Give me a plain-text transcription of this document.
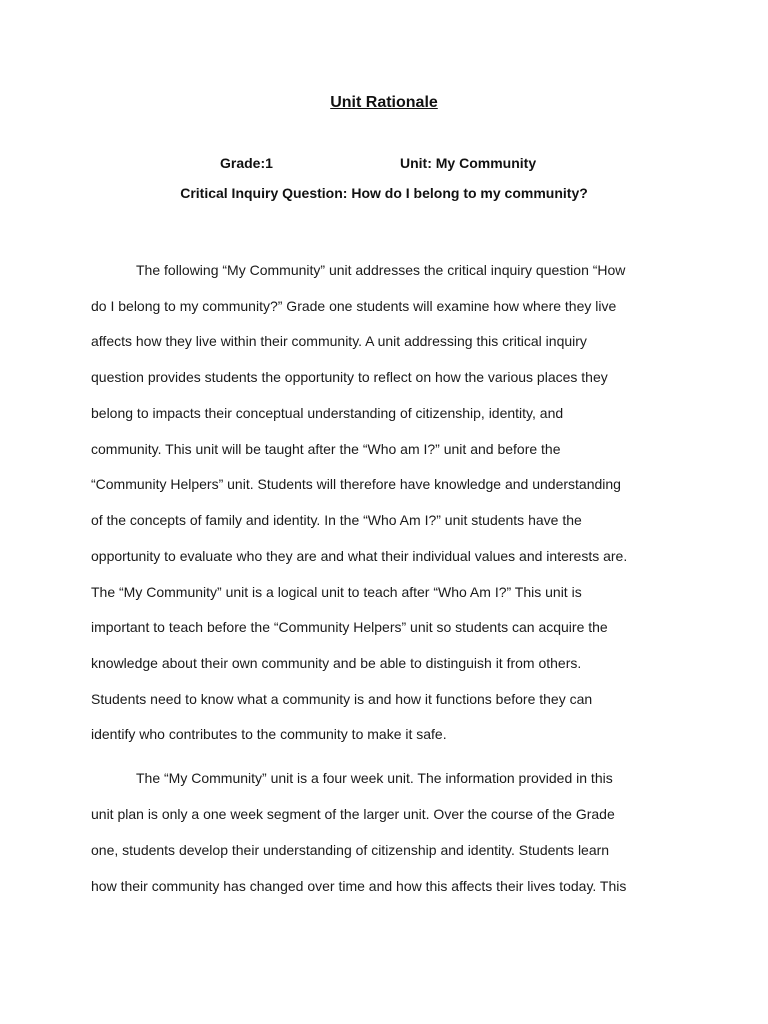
Unit Rationale
Grade:1	Unit: My Community
Critical Inquiry Question: How do I belong to my community?
The following “My Community” unit addresses the critical inquiry question “How
do I belong to my community?” Grade one students will examine how where they live
affects how they live within their community. A unit addressing this critical inquiry
question provides students the opportunity to reflect on how the various places they
belong to impacts their conceptual understanding of citizenship, identity, and
community. This unit will be taught after the “Who am I?” unit and before the
“Community Helpers” unit. Students will therefore have knowledge and understanding
of the concepts of family and identity. In the “Who Am I?” unit students have the
opportunity to evaluate who they are and what their individual values and interests are.
The “My Community” unit is a logical unit to teach after “Who Am I?” This unit is
important to teach before the “Community Helpers” unit so students can acquire the
knowledge about their own community and be able to distinguish it from others.
Students need to know what a community is and how it functions before they can
identify who contributes to the community to make it safe.
The “My Community” unit is a four week unit. The information provided in this
unit plan is only a one week segment of the larger unit. Over the course of the Grade
one, students develop their understanding of citizenship and identity. Students learn
how their community has changed over time and how this affects their lives today. This
